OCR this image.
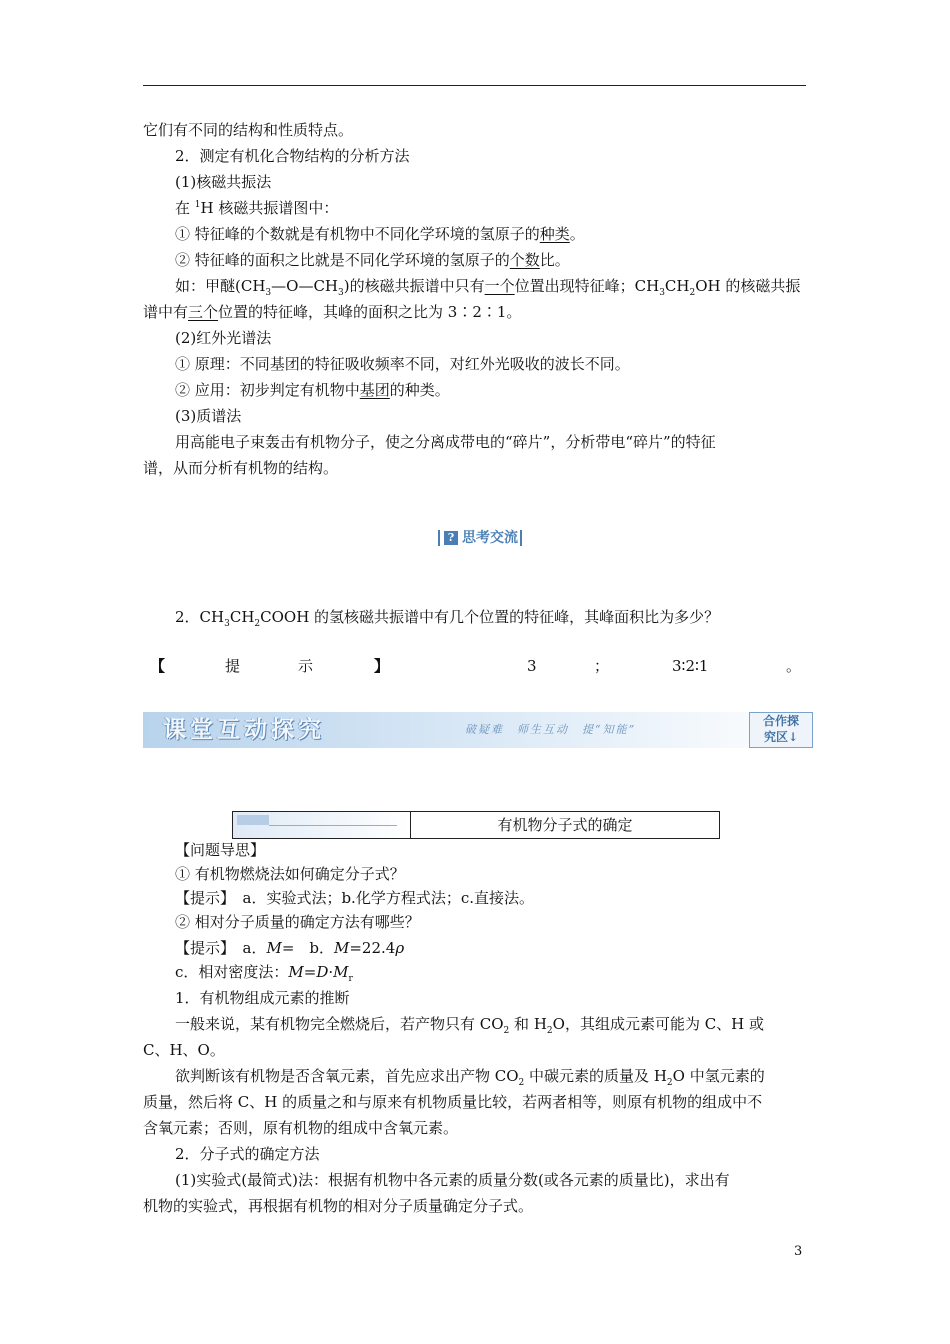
它们有不同的结构和性质特点。
2．测定有机化合物结构的分析方法
(1)核磁共振法
在 $^1$H 核磁共振谱图中：
① 特征峰的个数就是有机物中不同化学环境的氢原子的种类。
② 特征峰的面积之比就是不同化学环境的氢原子的个数比。
如：甲醚$(CH_3—O—CH_3)$的核磁共振谱中只有一个位置出现特征峰；$CH_3CH_2OH$ 的核磁共振
谱中有三个位置的特征峰，其峰的面积之比为 3∶2∶1。
(2)红外光谱法
① 原理：不同基团的特征吸收频率不同，对红外光吸收的波长不同。
② 应用：初步判定有机物中基团的种类。
(3)质谱法
用高能电子束轰击有机物分子，使之分离成带电的“碎片”，分析带电“碎片”的特征
谱，从而分析有机物的结构。
? 思考交流
2．$CH_3CH_2COOH$ 的氢核磁共振谱中有几个位置的特征峰，其峰面积比为多少？
【	提	示	】	3	；	3∶2∶1	。
课堂互动探究	破疑难　师生互动　提“知能”
合作探
究区↓
有机物分子式的确定
【问题导思】
① 有机物燃烧法如何确定分子式？
【提示】　a．实验式法；b.化学方程式法；c.直接法。
② 相对分子质量的确定方法有哪些？
【提示】　a．M=　b．M=22.4ρ
c．相对密度法：$M=D\cdot M_r$
1．有机物组成元素的推断
一般来说，某有机物完全燃烧后，若产物只有 $CO_2$ 和 $H_2O$，其组成元素可能为 C、H 或
C、H、O。
欲判断该有机物是否含氧元素，首先应求出产物 $CO_2$ 中碳元素的质量及 $H_2O$ 中氢元素的
质量，然后将 C、H 的质量之和与原来有机物质量比较，若两者相等，则原有机物的组成中不
含氧元素；否则，原有机物的组成中含氧元素。
2．分子式的确定方法
(1)实验式(最简式)法：根据有机物中各元素的质量分数(或各元素的质量比)，求出有
机物的实验式，再根据有机物的相对分子质量确定分子式。
3
